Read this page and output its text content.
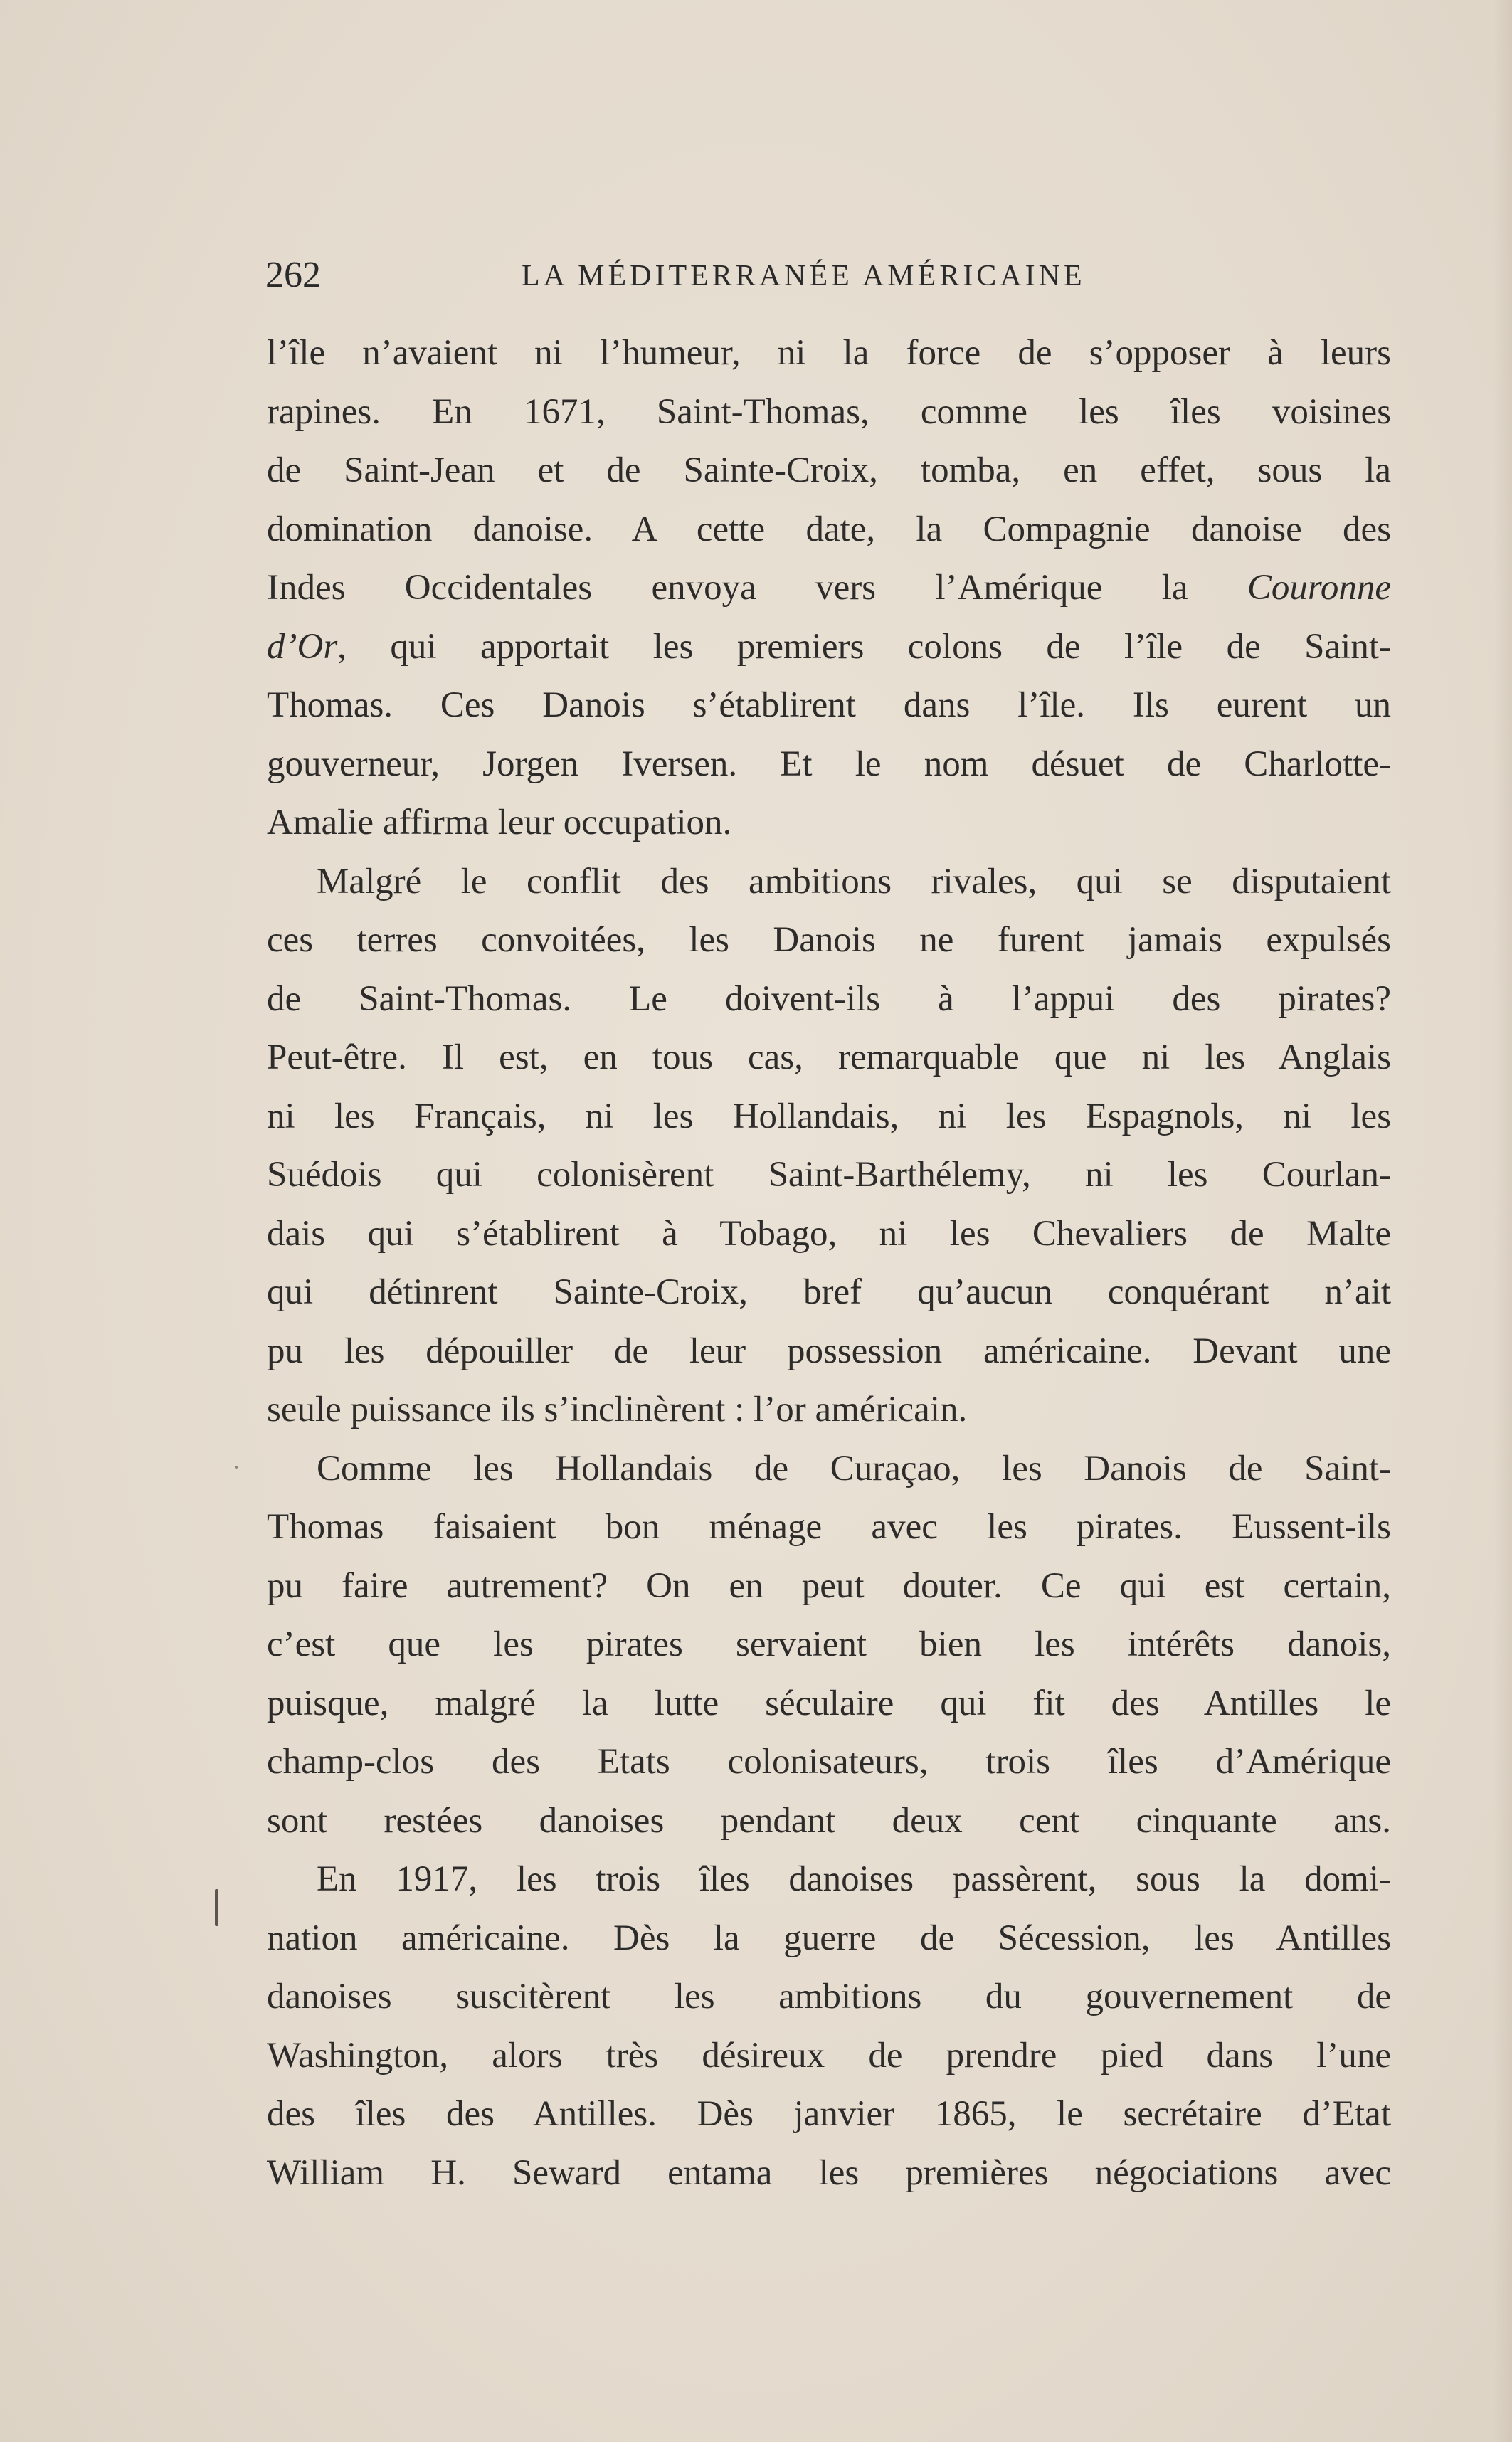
262	LA MÉDITERRANÉE AMÉRICAINE
l’île n’avaient ni l’humeur, ni la force de s’opposer à leurs
rapines. En 1671, Saint-Thomas, comme les îles voisines
de Saint-Jean et de Sainte-Croix, tomba, en effet, sous la
domination danoise. A cette date, la Compagnie danoise des
Indes Occidentales envoya vers l’Amérique la Couronne
d’Or, qui apportait les premiers colons de l’île de Saint-
Thomas. Ces Danois s’établirent dans l’île. Ils eurent un
gouverneur, Jorgen Iversen. Et le nom désuet de Charlotte-
Amalie affirma leur occupation.
Malgré le conflit des ambitions rivales, qui se disputaient
ces terres convoitées, les Danois ne furent jamais expulsés
de Saint-Thomas. Le doivent-ils à l’appui des pirates?
Peut-être. Il est, en tous cas, remarquable que ni les Anglais
ni les Français, ni les Hollandais, ni les Espagnols, ni les
Suédois qui colonisèrent Saint-Barthélemy, ni les Courlan-
dais qui s’établirent à Tobago, ni les Chevaliers de Malte
qui détinrent Sainte-Croix, bref qu’aucun conquérant n’ait
pu les dépouiller de leur possession américaine. Devant une
seule puissance ils s’inclinèrent : l’or américain.
Comme les Hollandais de Curaçao, les Danois de Saint-
Thomas faisaient bon ménage avec les pirates. Eussent-ils
pu faire autrement? On en peut douter. Ce qui est certain,
c’est que les pirates servaient bien les intérêts danois,
puisque, malgré la lutte séculaire qui fit des Antilles le
champ-clos des Etats colonisateurs, trois îles d’Amérique
sont restées danoises pendant deux cent cinquante ans.
En 1917, les trois îles danoises passèrent, sous la domi-
nation américaine. Dès la guerre de Sécession, les Antilles
danoises suscitèrent les ambitions du gouvernement de
Washington, alors très désireux de prendre pied dans l’une
des îles des Antilles. Dès janvier 1865, le secrétaire d’Etat
William H. Seward entama les premières négociations avec
